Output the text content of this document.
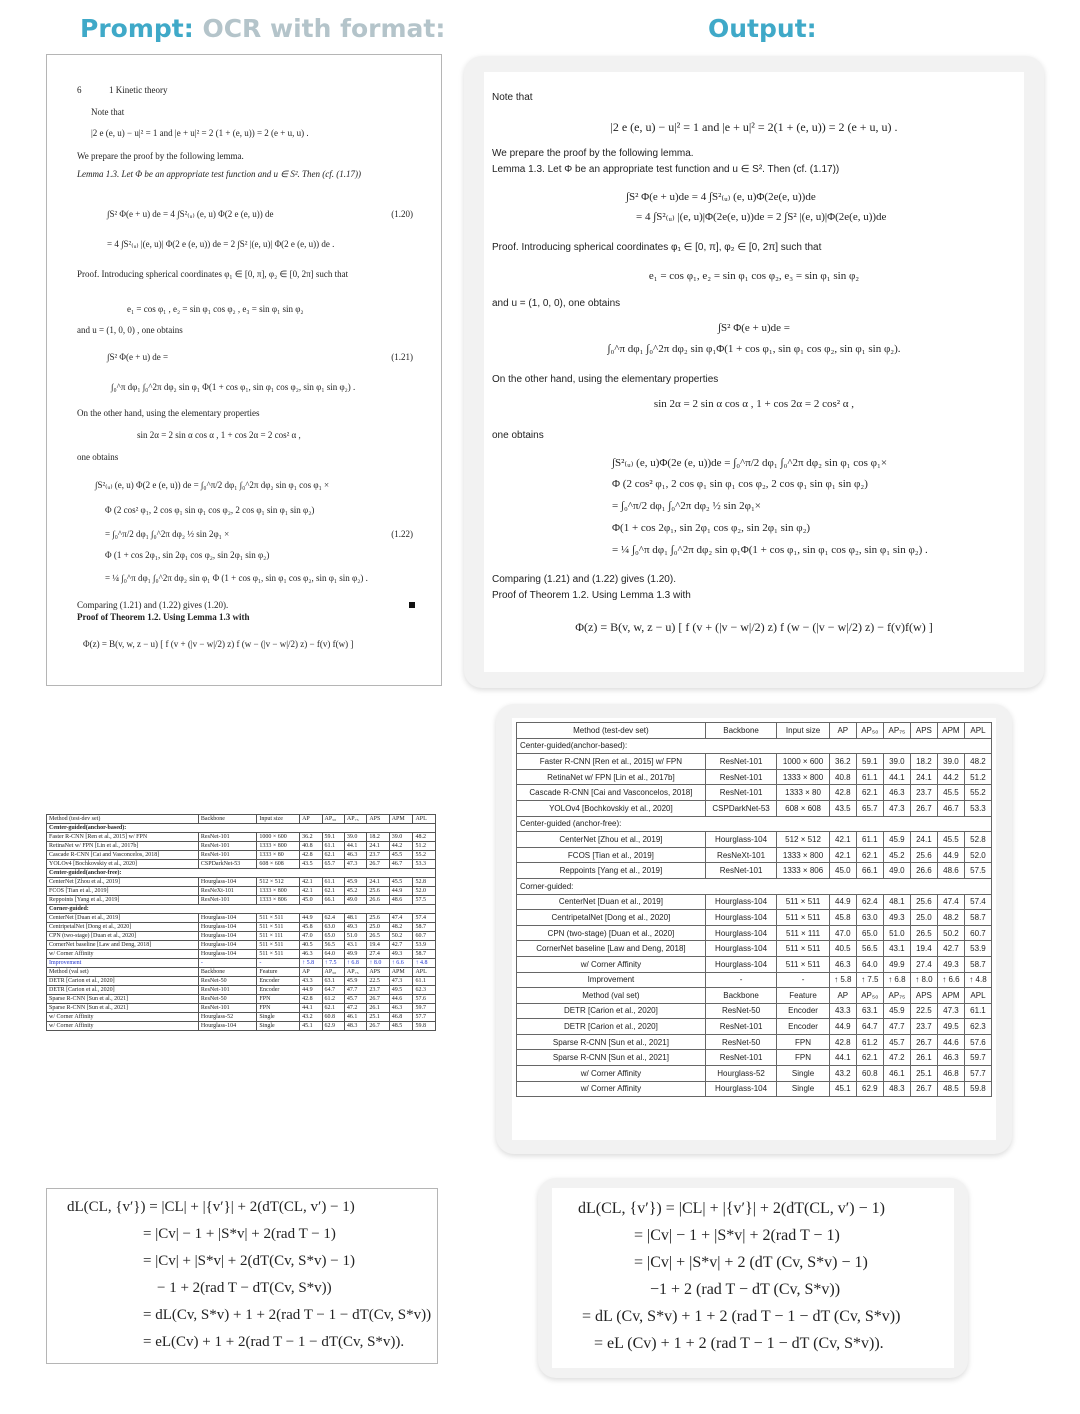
Prompt: OCR with format:	Output:
6	1 Kinetic theory
Note that
|2 e (e, u) − u|² = 1 and |e + u|² = 2 (1 + (e, u)) = 2 (e + u, u) .
We prepare the proof by the following lemma.
Lemma 1.3. Let Φ be an appropriate test function and u ∈ S². Then (cf. (1.17))
∫S² Φ(e + u) de = 4 ∫S²₍ᵤ₎ (e, u) Φ(2 e (e, u)) de	(1.20)
= 4 ∫S²₍ᵤ₎ |(e, u)| Φ(2 e (e, u)) de = 2 ∫S² |(e, u)| Φ(2 e (e, u)) de .
Proof. Introducing spherical coordinates φ₁ ∈ [0, π], φ₂ ∈ [0, 2π] such that
e₁ = cos φ₁ , e₂ = sin φ₁ cos φ₂ , e₃ = sin φ₁ sin φ₂
and u = (1, 0, 0) , one obtains
∫S² Φ(e + u) de =	(1.21)
∫₀^π dφ₁ ∫₀^2π dφ₂ sin φ₁ Φ(1 + cos φ₁, sin φ₁ cos φ₂, sin φ₁ sin φ₂) .
On the other hand, using the elementary properties
sin 2α = 2 sin α cos α , 1 + cos 2α = 2 cos² α ,
one obtains
∫S²₍ᵤ₎ (e, u) Φ(2 e (e, u)) de = ∫₀^π/2 dφ₁ ∫₀^2π dφ₂ sin φ₁ cos φ₁ ×
Φ (2 cos² φ₁, 2 cos φ₁ sin φ₁ cos φ₂, 2 cos φ₁ sin φ₁ sin φ₂)
= ∫₀^π/2 dφ₁ ∫₀^2π dφ₂ ½ sin 2φ₁ ×	(1.22)
Φ (1 + cos 2φ₁, sin 2φ₁ cos φ₂, sin 2φ₁ sin φ₂)
= ¼ ∫₀^π dφ₁ ∫₀^2π dφ₂ sin φ₁ Φ (1 + cos φ₁, sin φ₁ cos φ₂, sin φ₁ sin φ₂) .
Comparing (1.21) and (1.22) gives (1.20).
Proof of Theorem 1.2. Using Lemma 1.3 with
Φ(z) = B(v, w, z − u) [ f (v + (|v − w|/2) z) f (w − (|v − w|/2) z) − f(v) f(w) ]
Note that
|2 e (e, u) − u|² = 1 and |e + u|² = 2(1 + (e, u)) = 2 (e + u, u) .
We prepare the proof by the following lemma.
Lemma 1.3. Let Φ be an appropriate test function and u ∈ S². Then (cf. (1.17))
∫S² Φ(e + u)de = 4 ∫S²₍ᵤ₎ (e, u)Φ(2e(e, u))de
= 4 ∫S²₍ᵤ₎ |(e, u)|Φ(2e(e, u))de = 2 ∫S² |(e, u)|Φ(2e(e, u))de
Proof. Introducing spherical coordinates φ₁ ∈ [0, π], φ₂ ∈ [0, 2π] such that
e₁ = cos φ₁, e₂ = sin φ₁ cos φ₂, e₃ = sin φ₁ sin φ₂
and u = (1, 0, 0), one obtains
∫S² Φ(e + u)de =
∫₀^π dφ₁ ∫₀^2π dφ₂ sin φ₁Φ(1 + cos φ₁, sin φ₁ cos φ₂, sin φ₁ sin φ₂).
On the other hand, using the elementary properties
sin 2α = 2 sin α cos α , 1 + cos 2α = 2 cos² α ,
one obtains
∫S²₍ᵤ₎ (e, u)Φ(2e (e, u))de = ∫₀^π/2 dφ₁ ∫₀^2π dφ₂ sin φ₁ cos φ₁×
Φ (2 cos² φ₁, 2 cos φ₁ sin φ₁ cos φ₂, 2 cos φ₁ sin φ₁ sin φ₂)
= ∫₀^π/2 dφ₁ ∫₀^2π dφ₂ ½ sin 2φ₁×
Φ(1 + cos 2φ₁, sin 2φ₁ cos φ₂, sin 2φ₁ sin φ₂)
= ¼ ∫₀^π dφ₁ ∫₀^2π dφ₂ sin φ₁Φ(1 + cos φ₁, sin φ₁ cos φ₂, sin φ₁ sin φ₂) .
Comparing (1.21) and (1.22) gives (1.20).
Proof of Theorem 1.2. Using Lemma 1.3 with
Φ(z) = B(v, w, z − u) [ f (v + (|v − w|/2) z) f (w − (|v − w|/2) z) − f(v)f(w) ]
Method (test-dev set)	Backbone	Input size	AP	AP₅₀	AP₇₅	APS	APM	APL
Center-guided(anchor-based):								
Faster R-CNN [Ren et al., 2015] w/ FPN	ResNet-101	1000 × 600	36.2	59.1	39.0	18.2	39.0	48.2
RetinaNet w/ FPN [Lin et al., 2017b]	ResNet-101	1333 × 800	40.8	61.1	44.1	24.1	44.2	51.2
Cascade R-CNN [Cai and Vasconcelos, 2018]	ResNet-101	1333 × 80	42.8	62.1	46.3	23.7	45.5	55.2
YOLOv4 [Bochkovskiy et al., 2020]	CSPDarkNet-53	608 × 608	43.5	65.7	47.3	26.7	46.7	53.3
Center-guided(anchor-free):								
CenterNet [Zhou et al., 2019]	Hourglass-104	512 × 512	42.1	61.1	45.9	24.1	45.5	52.8
FCOS [Tian et al., 2019]	ResNeXt-101	1333 × 800	42.1	62.1	45.2	25.6	44.9	52.0
Reppoints [Yang et al., 2019]	ResNet-101	1333 × 806	45.0	66.1	49.0	26.6	48.6	57.5
Corner-guided:								
CenterNet [Duan et al., 2019]	Hourglass-104	511 × 511	44.9	62.4	48.1	25.6	47.4	57.4
CentripetalNet [Dong et al., 2020]	Hourglass-104	511 × 511	45.8	63.0	49.3	25.0	48.2	58.7
CPN (two-stage) [Duan et al., 2020]	Hourglass-104	511 × 111	47.0	65.0	51.0	26.5	50.2	60.7
CornerNet baseline [Law and Deng, 2018]	Hourglass-104	511 × 511	40.5	56.5	43.1	19.4	42.7	53.9
w/ Corner Affinity	Hourglass-104	511 × 511	46.3	64.0	49.9	27.4	49.3	58.7
Improvement	-	-	↑ 5.8	↑ 7.5	↑ 6.8	↑ 8.0	↑ 6.6	↑ 4.8
Method (val set)	Backbone	Feature	AP	AP₅₀	AP₇₅	APS	APM	APL
DETR [Carion et al., 2020]	ResNet-50	Encoder	43.3	63.1	45.9	22.5	47.3	61.1
DETR [Carion et al., 2020]	ResNet-101	Encoder	44.9	64.7	47.7	23.7	49.5	62.3
Sparse R-CNN [Sun et al., 2021]	ResNet-50	FPN	42.8	61.2	45.7	26.7	44.6	57.6
Sparse R-CNN [Sun et al., 2021]	ResNet-101	FPN	44.1	62.1	47.2	26.1	46.3	59.7
w/ Corner Affinity	Hourglass-52	Single	43.2	60.8	46.1	25.1	46.8	57.7
w/ Corner Affinity	Hourglass-104	Single	45.1	62.9	48.3	26.7	48.5	59.8
Method (test-dev set)	Backbone	Input size	AP	AP₅₀	AP₇₅	APS	APM	APL
Center-guided(anchor-based):								
Faster R-CNN [Ren et al., 2015] w/ FPN	ResNet-101	1000 × 600	36.2	59.1	39.0	18.2	39.0	48.2
RetinaNet w/ FPN [Lin et al., 2017b]	ResNet-101	1333 × 800	40.8	61.1	44.1	24.1	44.2	51.2
Cascade R-CNN [Cai and Vasconcelos, 2018]	ResNet-101	1333 × 80	42.8	62.1	46.3	23.7	45.5	55.2
YOLOv4 [Bochkovskiy et al., 2020]	CSPDarkNet-53	608 × 608	43.5	65.7	47.3	26.7	46.7	53.3
Center-guided (anchor-free):								
CenterNet [Zhou et al., 2019]	Hourglass-104	512 × 512	42.1	61.1	45.9	24.1	45.5	52.8
FCOS [Tian et al., 2019]	ResNeXt-101	1333 × 800	42.1	62.1	45.2	25.6	44.9	52.0
Reppoints [Yang et al., 2019]	ResNet-101	1333 × 806	45.0	66.1	49.0	26.6	48.6	57.5
Corner-guided:								
CenterNet [Duan et al., 2019]	Hourglass-104	511 × 511	44.9	62.4	48.1	25.6	47.4	57.4
CentripetalNet [Dong et al., 2020]	Hourglass-104	511 × 511	45.8	63.0	49.3	25.0	48.2	58.7
CPN (two-stage) [Duan et al., 2020]	Hourglass-104	511 × 111	47.0	65.0	51.0	26.5	50.2	60.7
CornerNet baseline [Law and Deng, 2018]	Hourglass-104	511 × 511	40.5	56.5	43.1	19.4	42.7	53.9
w/ Corner Affinity	Hourglass-104	511 × 511	46.3	64.0	49.9	27.4	49.3	58.7
Improvement	-	-	↑ 5.8	↑ 7.5	↑ 6.8	↑ 8.0	↑ 6.6	↑ 4.8
Method (val set)	Backbone	Feature	AP	AP₅₀	AP₇₅	APS	APM	APL
DETR [Carion et al., 2020]	ResNet-50	Encoder	43.3	63.1	45.9	22.5	47.3	61.1
DETR [Carion et al., 2020]	ResNet-101	Encoder	44.9	64.7	47.7	23.7	49.5	62.3
Sparse R-CNN [Sun et al., 2021]	ResNet-50	FPN	42.8	61.2	45.7	26.7	44.6	57.6
Sparse R-CNN [Sun et al., 2021]	ResNet-101	FPN	44.1	62.1	47.2	26.1	46.3	59.7
w/ Corner Affinity	Hourglass-52	Single	43.2	60.8	46.1	25.1	46.8	57.7
w/ Corner Affinity	Hourglass-104	Single	45.1	62.9	48.3	26.7	48.5	59.8
dL(CL, {v′}) = |CL| + |{v′}| + 2(dT(CL, v′) − 1)
= |Cv| − 1 + |S*v| + 2(rad T − 1)
= |Cv| + |S*v| + 2(dT(Cv, S*v) − 1)
− 1 + 2(rad T − dT(Cv, S*v))
= dL(Cv, S*v) + 1 + 2(rad T − 1 − dT(Cv, S*v))
= eL(Cv) + 1 + 2(rad T − 1 − dT(Cv, S*v)).
dL(CL, {v′}) = |CL| + |{v′}| + 2(dT(CL, v′) − 1)
= |Cv| − 1 + |S*v| + 2(rad T − 1)
= |Cv| + |S*v| + 2 (dT (Cv, S*v) − 1)
−1 + 2 (rad T − dT (Cv, S*v))
= dL (Cv, S*v) + 1 + 2 (rad T − 1 − dT (Cv, S*v))
= eL (Cv) + 1 + 2 (rad T − 1 − dT (Cv, S*v)).
